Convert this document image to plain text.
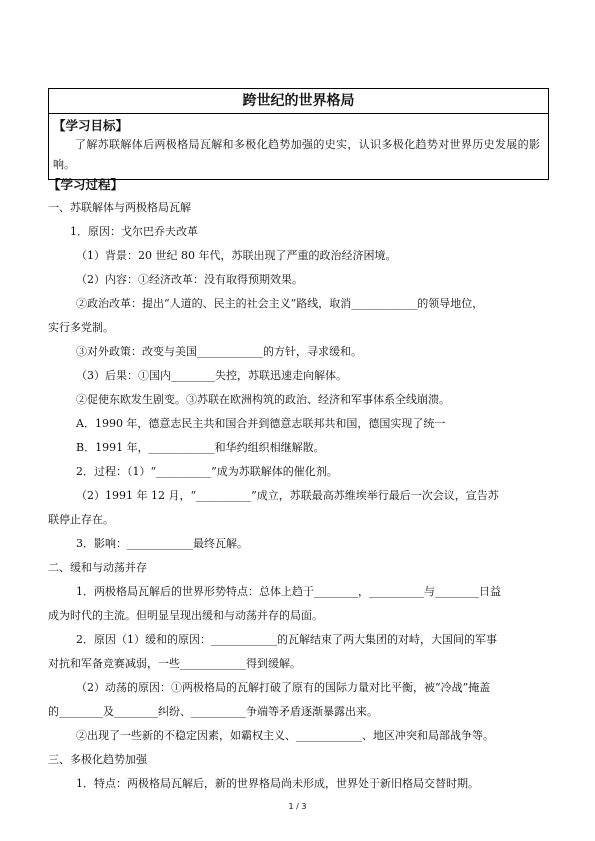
跨世纪的世界格局
【学习目标】
了解苏联解体后两极格局瓦解和多极化趋势加强的史实，认识多极化趋势对世界历史发展的影响。
【学习过程】
一、苏联解体与两极格局瓦解
1．原因：戈尔巴乔夫改革
（1）背景：20 世纪 80 年代，苏联出现了严重的政治经济困境。
（2）内容：①经济改革：没有取得预期效果。
②政治改革：提出“人道的、民主的社会主义”路线，取消____________的领导地位，
实行多党制。
③对外政策：改变与美国____________的方针，寻求缓和。
（3）后果：①国内________失控，苏联迅速走向解体。
②促使东欧发生剧变。③苏联在欧洲构筑的政治、经济和军事体系全线崩溃。
A．1990 年，德意志民主共和国合并到德意志联邦共和国，德国实现了统一
B．1991 年，____________和华约组织相继解散。
2．过程：（1）“__________”成为苏联解体的催化剂。
（2）1991 年 12 月，“__________”成立，苏联最高苏维埃举行最后一次会议，宣告苏
联停止存在。
3．影响：____________最终瓦解。
二、缓和与动荡并存
1．两极格局瓦解后的世界形势特点：总体上趋于________，__________与________日益
成为时代的主流。但明显呈现出缓和与动荡并存的局面。
2．原因（1）缓和的原因：____________的瓦解结束了两大集团的对峙，大国间的军事
对抗和军备竞赛减弱，一些____________得到缓解。
（2）动荡的原因：①两极格局的瓦解打破了原有的国际力量对比平衡，被“冷战”掩盖
的________及________纠纷、__________争端等矛盾逐渐暴露出来。
②出现了一些新的不稳定因素，如霸权主义、____________、地区冲突和局部战争等。
三、多极化趋势加强
1．特点：两极格局瓦解后，新的世界格局尚未形成，世界处于新旧格局交替时期。
1 / 3
